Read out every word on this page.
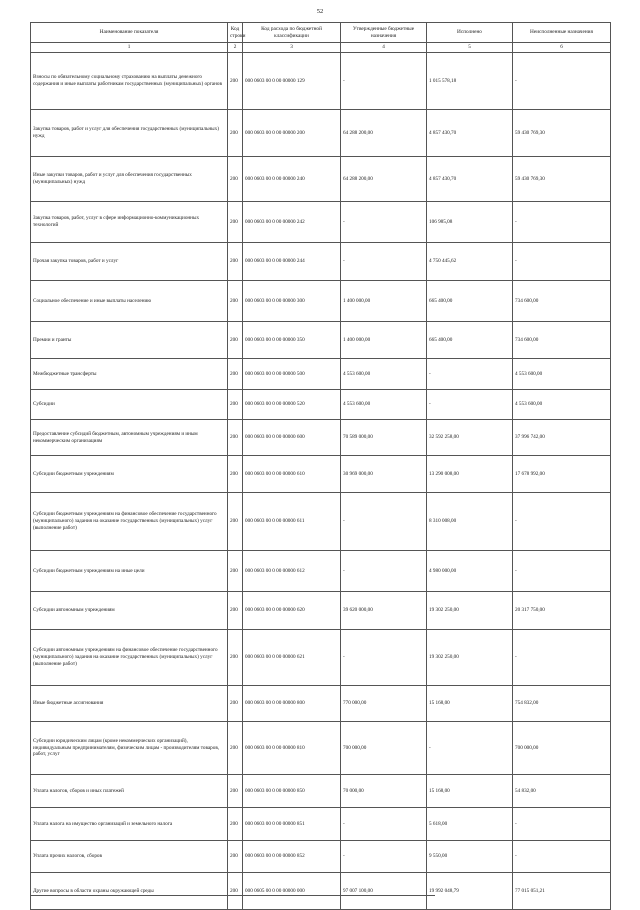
52
Наименование показателя	Код строки	Код расхода по бюджетной классификации	Утвержденные бюджетные назначения	Исполнено	Неисполненные назначения
1	2	3	4	5	6
Взносы по обязательному социальному страхованию на выплаты денежного содержания и иные выплаты работникам государственных (муниципальных) органов	200	000 0603 00 0 00 00000 129	-	1 015 578,18	-
Закупка товаров, работ и услуг для обеспечения государственных (муниципальных) нужд	200	000 0603 00 0 00 00000 200	64 288 200,00	4 857 430,70	59 430 769,30
Иные закупки товаров, работ и услуг для обеспечения государственных (муниципальных) нужд	200	000 0603 00 0 00 00000 240	64 288 200,00	4 857 430,70	59 430 769,30
Закупка товаров, работ, услуг в сфере информационно-коммуникационных технологий	200	000 0603 00 0 00 00000 242	-	106 985,08	-
Прочая закупка товаров, работ и услуг	200	000 0603 00 0 00 00000 244	-	4 750 445,62	-
Социальное обеспечение и иные выплаты населению	200	000 0603 00 0 00 00000 300	1 400 000,00	665 400,00	734 600,00
Премии и гранты	200	000 0603 00 0 00 00000 350	1 400 000,00	665 400,00	734 600,00
Межбюджетные трансферты	200	000 0603 00 0 00 00000 500	4 553 600,00	-	4 553 600,00
Субсидии	200	000 0603 00 0 00 00000 520	4 553 600,00	-	4 553 600,00
Предоставление субсидий бюджетным, автономным учреждениям и иным некоммерческим организациям	200	000 0603 00 0 00 00000 600	70 589 000,00	32 592 258,00	37 996 742,00
Субсидии бюджетным учреждениям	200	000 0603 00 0 00 00000 610	30 969 000,00	13 290 008,00	17 678 992,00
Субсидии бюджетным учреждениям на финансовое обеспечение государственного (муниципального) задания на оказание государственных (муниципальных) услуг (выполнение работ)	200	000 0603 00 0 00 00000 611	-	8 310 008,00	-
Субсидии бюджетным учреждениям на иные цели	200	000 0603 00 0 00 00000 612	-	4 980 000,00	-
Субсидии автономным учреждениям	200	000 0603 00 0 00 00000 620	39 620 000,00	19 302 250,00	20 317 750,00
Субсидии автономным учреждениям на финансовое обеспечение государственного (муниципального) задания на оказание государственных (муниципальных) услуг (выполнение работ)	200	000 0603 00 0 00 00000 621	-	19 302 250,00	-
Иные бюджетные ассигнования	200	000 0603 00 0 00 00000 800	770 000,00	15 168,00	754 832,00
Субсидии юридическим лицам (кроме некоммерческих организаций), индивидуальным предпринимателям, физическим лицам - производителям товаров, работ, услуг	200	000 0603 00 0 00 00000 810	700 000,00	-	700 000,00
Уплата налогов, сборов и иных платежей	200	000 0603 00 0 00 00000 850	70 000,00	15 168,00	54 832,00
Уплата налога на имущество организаций и земельного налога	200	000 0603 00 0 00 00000 851	-	5 618,00	-
Уплата прочих налогов, сборов	200	000 0603 00 0 00 00000 852	-	9 550,00	-
Другие вопросы в области охраны окружающей среды	200	000 0605 00 0 00 00000 000	97 007 100,00	19 992 048,79	77 015 051,21
